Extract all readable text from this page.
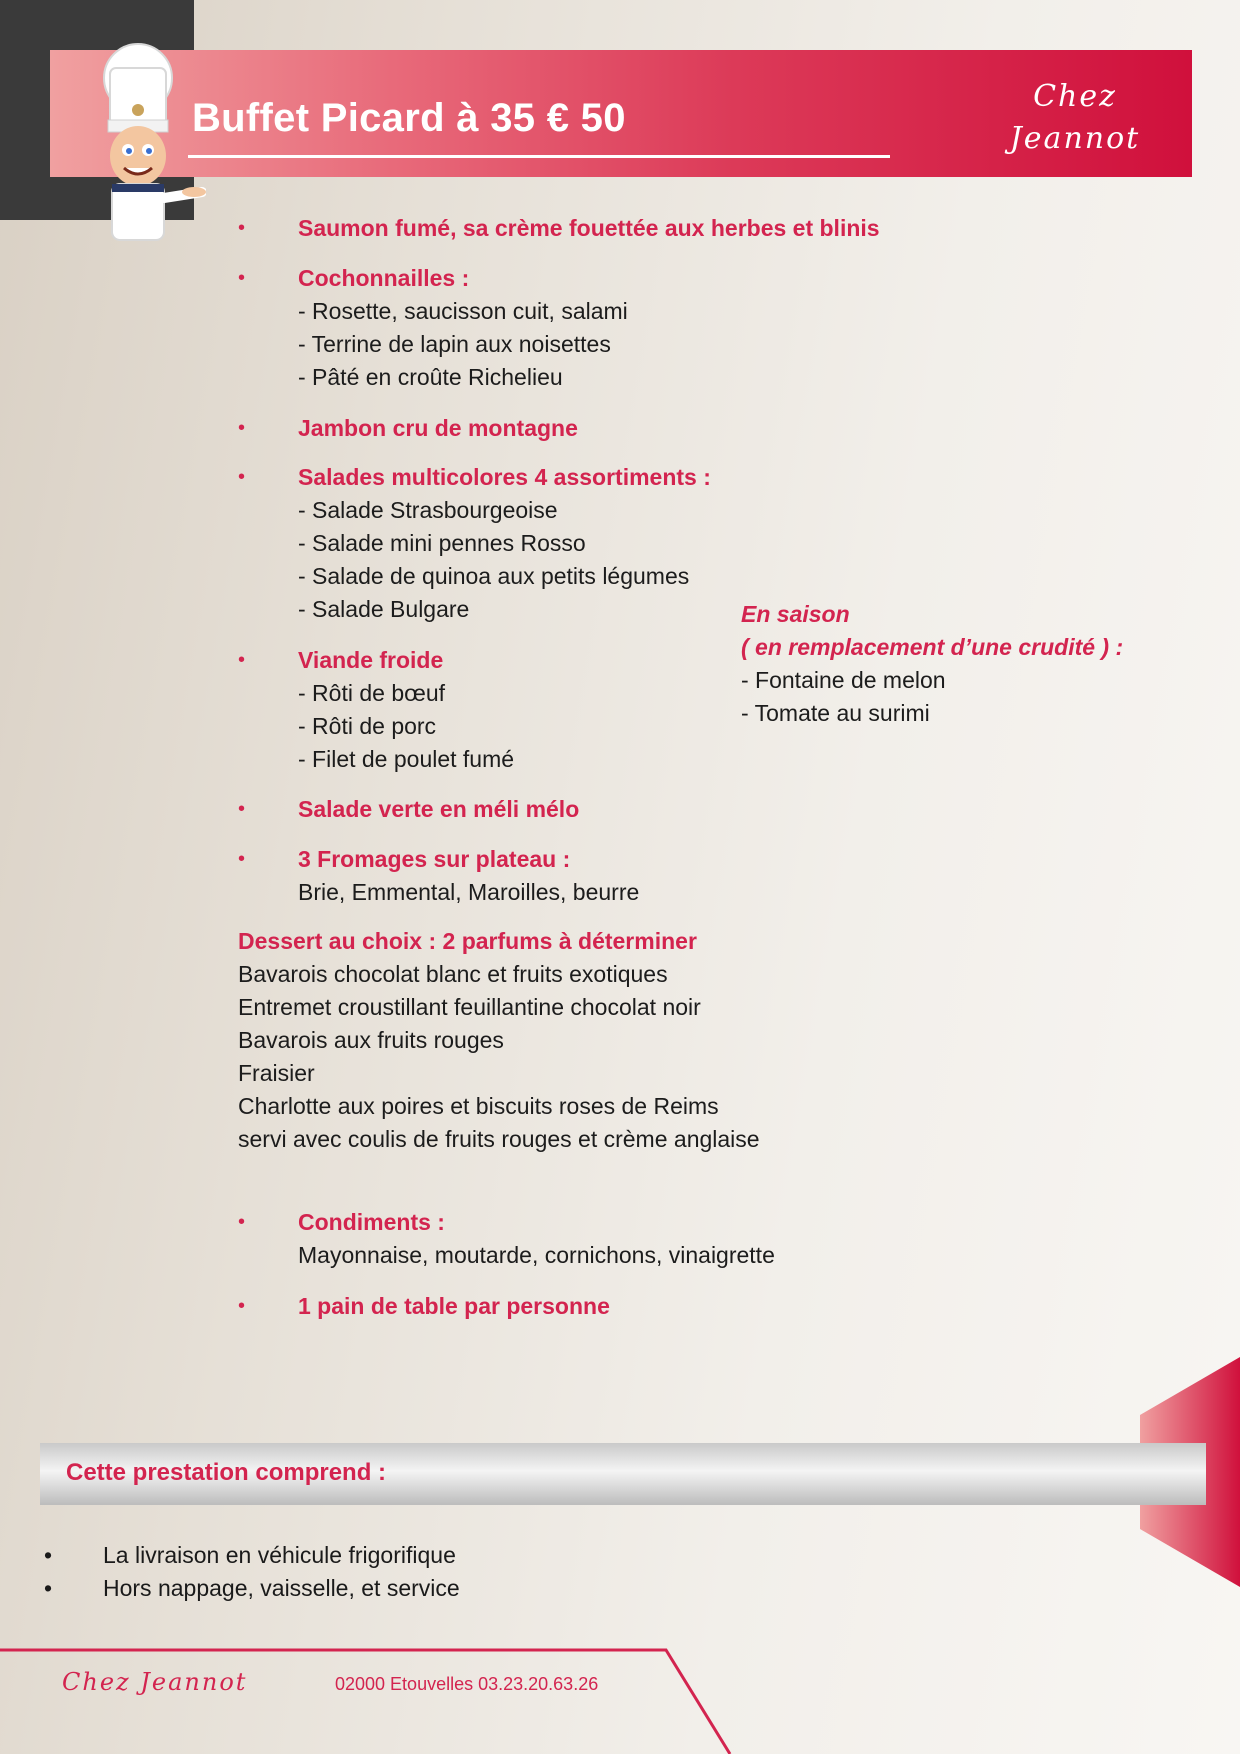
Buffet Picard à 35 € 50	Chez
Jeannot
• Saumon fumé, sa crème fouettée aux herbes et blinis
• Cochonnailles :
- Rosette, saucisson cuit, salami
- Terrine de lapin aux noisettes
- Pâté en croûte Richelieu
• Jambon cru de montagne
• Salades multicolores 4 assortiments :
- Salade Strasbourgeoise
- Salade mini pennes Rosso
- Salade de quinoa aux petits légumes
- Salade Bulgare
• Viande froide
- Rôti de bœuf
- Rôti de porc
- Filet de poulet fumé
• Salade verte en méli mélo
• 3 Fromages sur plateau :
Brie, Emmental, Maroilles, beurre
Dessert au choix : 2 parfums à déterminer
Bavarois chocolat blanc et fruits exotiques
Entremet croustillant feuillantine chocolat noir
Bavarois aux fruits rouges
Fraisier
Charlotte aux poires et biscuits roses de Reims
servi avec coulis de fruits rouges et crème anglaise
• Condiments :
Mayonnaise, moutarde, cornichons, vinaigrette
• 1 pain de table par personne
En saison
( en remplacement d’une crudité ) :
- Fontaine de melon
- Tomate au surimi
Cette prestation comprend :
• La livraison en véhicule frigorifique
• Hors nappage, vaisselle, et service
Chez Jeannot	02000 Etouvelles 03.23.20.63.26
